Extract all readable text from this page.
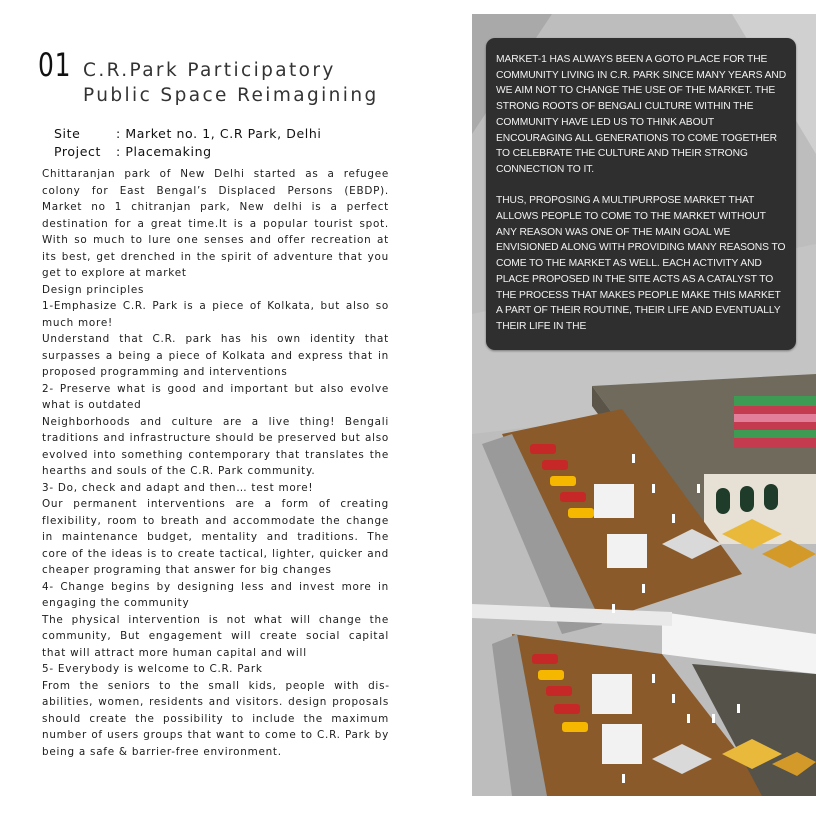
01 C.R.Park Participatory
Public Space Reimagining
Site	: Market no. 1, C.R Park, Delhi
Project	: Placemaking

Chittaranjan park of New Delhi started as a refugee colony for East Bengal’s Displaced Persons (EBDP). Market no 1 chitranjan park, New delhi is a perfect destination for a great time.It is a popular tourist spot. With so much to lure one senses and offer recreation at its best, get drenched in the spirit of adventure that you get to explore at market

Design principles

1-Emphasize C.R. Park is a piece of Kolkata, but also so much more!

Understand that C.R. park has his own identity that surpasses a being a piece of Kolkata and express that in proposed programming and interventions

2- Preserve what is good and important but also evolve what is outdated

Neighborhoods and culture are a live thing! Bengali traditions and infrastructure should be preserved but also evolved into something contemporary that translates the hearths and souls of the C.R. Park community.

3- Do, check and adapt and then… test more!

Our permanent interventions are a form of creating flexibility, room to breath and accommodate the change in maintenance budget, mentality and traditions. The core of the ideas is to create tactical, lighter, quicker and cheaper programing that answer for big changes

4- Change begins by designing less and invest more in engaging the community

The physical intervention is not what will change the community, But engagement will create social capital that will attract more human capital and will

5- Everybody is welcome to C.R. Park

From the seniors to the small kids, people with disabilities, women, residents and visitors. design proposals should create the possibility to include the maximum number of users groups that want to come to C.R. Park by being a safe & barrier-free environment.

MARKET-1 HAS ALWAYS BEEN A GOTO PLACE FOR THE COMMUNITY LIVING IN C.R. PARK SINCE MANY YEARS AND WE AIM NOT TO CHANGE THE USE OF THE MARKET. THE STRONG ROOTS OF BENGALI CULTURE WITHIN THE COMMUNITY HAVE LED US TO THINK ABOUT ENCOURAGING ALL GENERATIONS TO COME TOGETHER TO CELEBRATE THE CULTURE AND THEIR STRONG CONNECTION TO IT.

THUS, PROPOSING A MULTIPURPOSE MARKET THAT ALLOWS PEOPLE TO COME TO THE MARKET WITHOUT ANY REASON WAS ONE OF THE MAIN GOAL WE ENVISIONED ALONG WITH PROVIDING MANY REASONS TO COME TO THE MARKET AS WELL. EACH ACTIVITY AND PLACE PROPOSED IN THE SITE ACTS AS A CATALYST TO THE PROCESS THAT MAKES PEOPLE MAKE THIS MARKET A PART OF THEIR ROUTINE, THEIR LIFE AND EVENTUALLY THEIR LIFE IN THE
